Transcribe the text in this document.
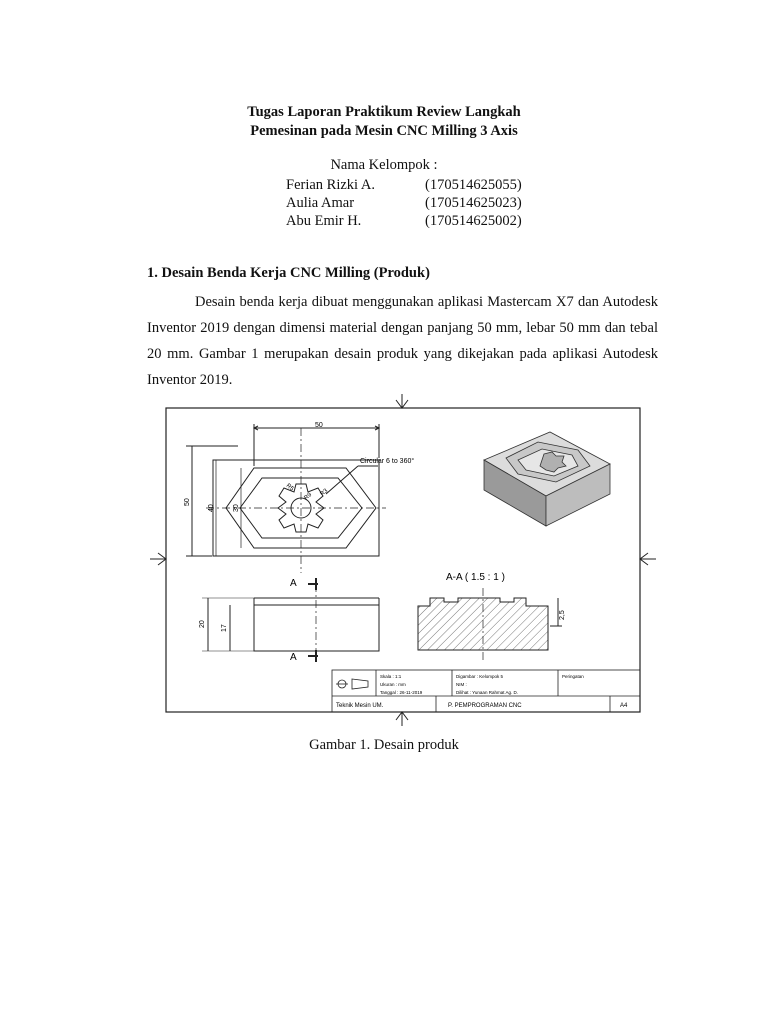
Tugas Laporan Praktikum Review Langkah
Pemesinan pada Mesin CNC Milling 3 Axis
Nama Kelompok :
Ferian Rizki A.	(170514625055)
Aulia Amar	(170514625023)
Abu Emir H.	(170514625002)
1. Desain Benda Kerja CNC Milling (Produk)

Desain benda kerja dibuat menggunakan aplikasi Mastercam X7 dan Autodesk Inventor 2019 dengan dimensi material dengan panjang 50 mm, lebar 50 mm dan tebal 20 mm. Gambar 1 merupakan desain produk yang dikejakan pada aplikasi Autodesk Inventor 2019.

50
50
40	30
Circular 6 to 360°
R5
R9 R3
A
A
20
17
A-A ( 1.5 : 1 )
2,5
Skala : 1:1
Ukuran : mm
Tanggal : 26-11-2019
Digambar : Kelompok 5
NIM :
Dilihat : Yunaan Rahmat Ag. D.
Peringatan
Teknik Mesin UM.	P. PEMPROGRAMAN CNC	A4
Gambar 1. Desain produk
